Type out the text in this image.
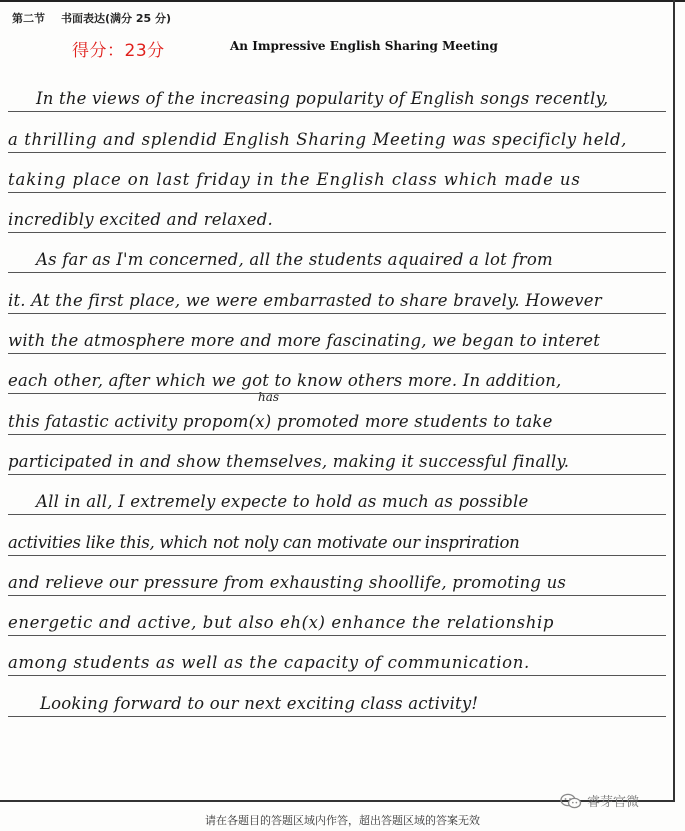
第二节 书面表达(满分 25 分)
得分：23分	An Impressive English Sharing Meeting
has
In the views of the increasing popularity of English songs recently,
a thrilling and splendid English Sharing Meeting was specificly held,
taking place on last friday in the English class which made us
incredibly excited and relaxed.
As far as I'm concerned, all the students aquaired a lot from
it. At the first place, we were embarrasted to share bravely. However
with the atmosphere more and more fascinating, we began to interet
each other, after which we got to know others more. In addition,
this fatastic activity propom(x) promoted more students to take
participated in and show themselves, making it successful finally.
All in all, I extremely expecte to hold as much as possible
activities like this, which not noly can motivate our inspriration
and relieve our pressure from exhausting shoollife, promoting us
energetic and active, but also eh(x) enhance the relationship
among students as well as the capacity of communication.
Looking forward to our next exciting class activity!
睿芽官微
请在各题目的答题区域内作答，超出答题区域的答案无效
